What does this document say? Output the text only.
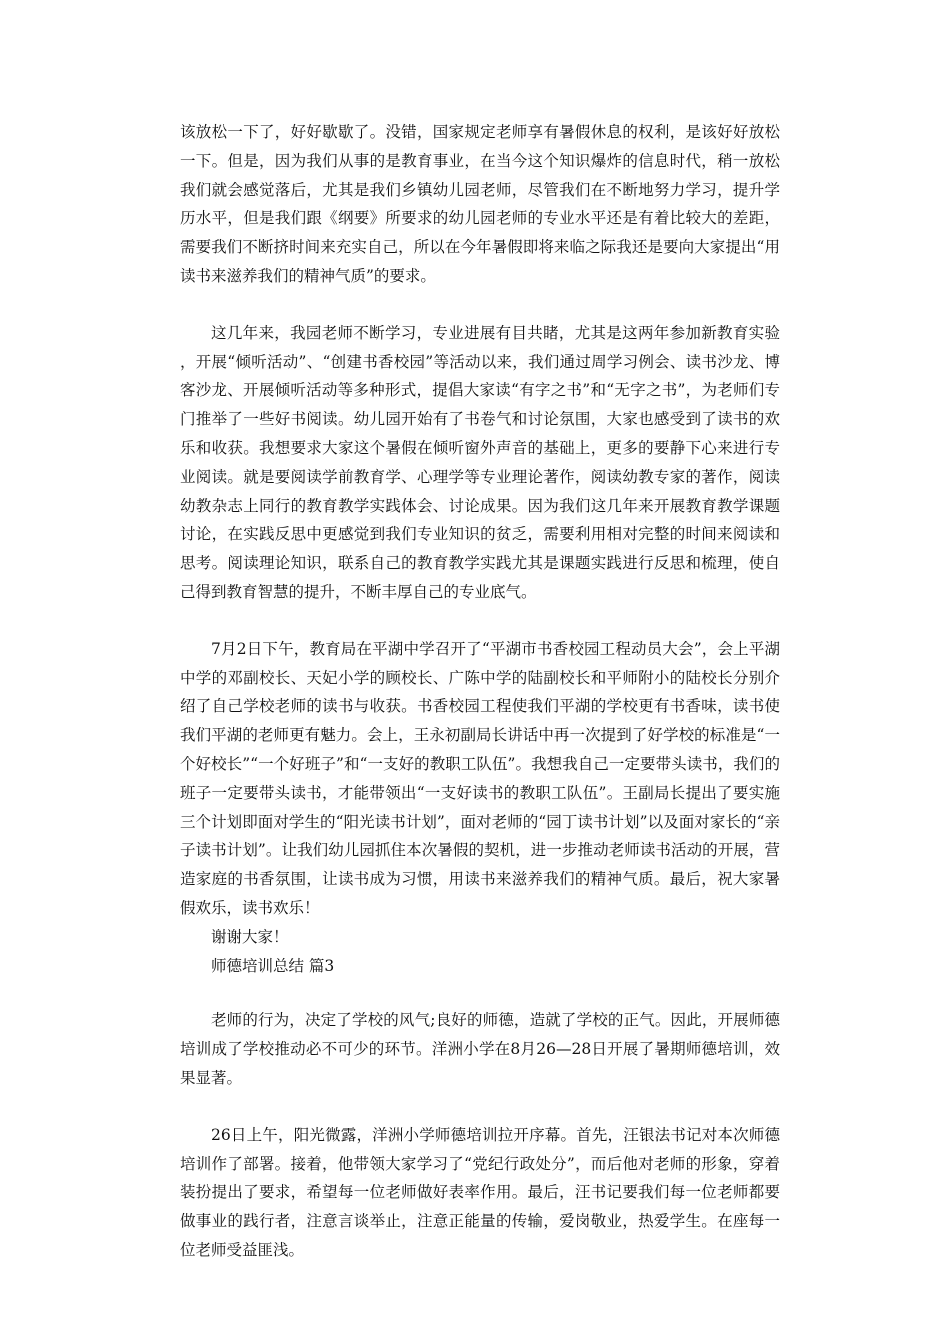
该放松一下了，好好歇歇了。没错，国家规定老师享有暑假休息的权利，是该好好放松一下。但是，因为我们从事的是教育事业，在当今这个知识爆炸的信息时代，稍一放松我们就会感觉落后，尤其是我们乡镇幼儿园老师，尽管我们在不断地努力学习，提升学历水平，但是我们跟《纲要》所要求的幼儿园老师的专业水平还是有着比较大的差距，需要我们不断挤时间来充实自己，所以在今年暑假即将来临之际我还是要向大家提出“用读书来滋养我们的精神气质”的要求。

这几年来，我园老师不断学习，专业进展有目共睹，尤其是这两年参加新教育实验，开展“倾听活动”、“创建书香校园”等活动以来，我们通过周学习例会、读书沙龙、博客沙龙、开展倾听活动等多种形式，提倡大家读“有字之书”和“无字之书”，为老师们专门推举了一些好书阅读。幼儿园开始有了书卷气和讨论氛围，大家也感受到了读书的欢乐和收获。我想要求大家这个暑假在倾听窗外声音的基础上，更多的要静下心来进行专业阅读。就是要阅读学前教育学、心理学等专业理论著作，阅读幼教专家的著作，阅读幼教杂志上同行的教育教学实践体会、讨论成果。因为我们这几年来开展教育教学课题讨论，在实践反思中更感觉到我们专业知识的贫乏，需要利用相对完整的时间来阅读和思考。阅读理论知识，联系自己的教育教学实践尤其是课题实践进行反思和梳理，使自己得到教育智慧的提升，不断丰厚自己的专业底气。

7月2日下午，教育局在平湖中学召开了“平湖市书香校园工程动员大会”，会上平湖中学的邓副校长、天妃小学的顾校长、广陈中学的陆副校长和平师附小的陆校长分别介绍了自己学校老师的读书与收获。书香校园工程使我们平湖的学校更有书香味，读书使我们平湖的老师更有魅力。会上，王永初副局长讲话中再一次提到了好学校的标准是“一个好校长”“一个好班子”和“一支好的教职工队伍”。我想我自己一定要带头读书，我们的班子一定要带头读书，才能带领出“一支好读书的教职工队伍”。王副局长提出了要实施三个计划即面对学生的“阳光读书计划”，面对老师的“园丁读书计划”以及面对家长的“亲子读书计划”。让我们幼儿园抓住本次暑假的契机，进一步推动老师读书活动的开展，营造家庭的书香氛围，让读书成为习惯，用读书来滋养我们的精神气质。最后，祝大家暑假欢乐，读书欢乐！

谢谢大家！

师德培训总结 篇3

老师的行为，决定了学校的风气;良好的师德，造就了学校的正气。因此，开展师德培训成了学校推动必不可少的环节。洋洲小学在8月26—28日开展了暑期师德培训，效果显著。

26日上午，阳光微露，洋洲小学师德培训拉开序幕。首先，汪银法书记对本次师德培训作了部署。接着，他带领大家学习了“党纪行政处分”，而后他对老师的形象，穿着装扮提出了要求，希望每一位老师做好表率作用。最后，汪书记要我们每一位老师都要做事业的践行者，注意言谈举止，注意正能量的传输，爱岗敬业，热爱学生。在座每一位老师受益匪浅。
